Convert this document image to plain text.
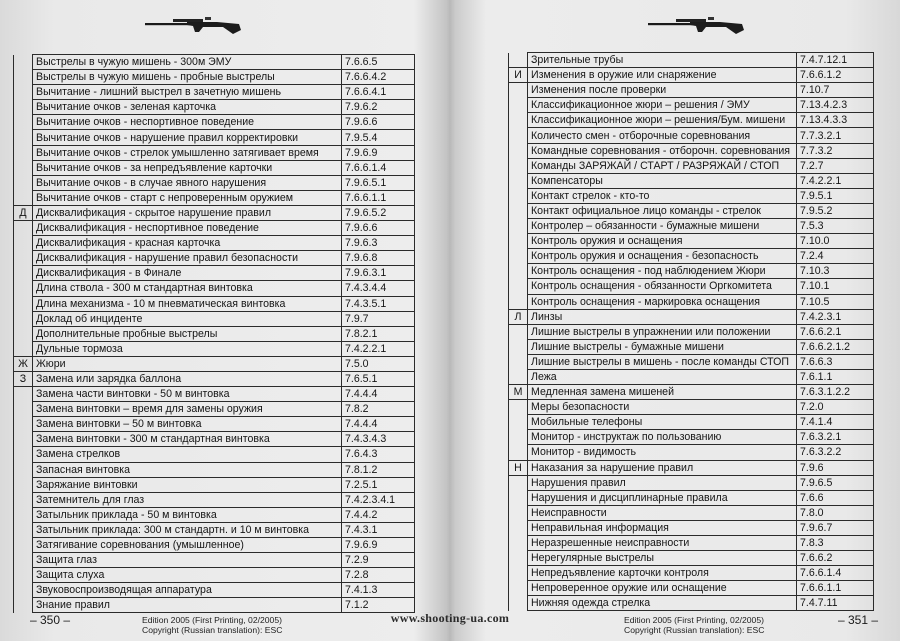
	Выстрелы в чужую мишень - 300м ЭМУ	7.6.6.5
	Выстрелы в чужую мишень - пробные выстрелы	7.6.6.4.2
	Вычитание - лишний выстрел в зачетную мишень	7.6.6.4.1
	Вычитание очков - зеленая карточка	7.9.6.2
	Вычитание очков - неспортивное поведение	7.9.6.6
	Вычитание очков - нарушение правил корректировки	7.9.5.4
	Вычитание очков - стрелок умышленно затягивает время	7.9.6.9
	Вычитание очков - за непредъявление карточки	7.6.6.1.4
	Вычитание очков - в случае явного нарушения	7.9.6.5.1
	Вычитание очков - старт с непроверенным оружием	7.6.6.1.1
Д	Дисквалификация - скрытое нарушение правил	7.9.6.5.2
	Дисквалификация - неспортивное поведение	7.9.6.6
	Дисквалификация - красная карточка	7.9.6.3
	Дисквалификация - нарушение правил безопасности	7.9.6.8
	Дисквалификация - в Финале	7.9.6.3.1
	Длина ствола - 300 м стандартная винтовка	7.4.3.4.4
	Длина механизма - 10 м пневматическая винтовка	7.4.3.5.1
	Доклад об инциденте	7.9.7
	Дополнительные пробные выстрелы	7.8.2.1
	Дульные тормоза	7.4.2.2.1
Ж	Жюри	7.5.0
З	Замена или зарядка баллона	7.6.5.1
	Замена части винтовки - 50 м винтовка	7.4.4.4
	Замена винтовки – время для замены оружия	7.8.2
	Замена винтовки – 50 м винтовка	7.4.4.4
	Замена винтовки - 300 м стандартная винтовка	7.4.3.4.3
	Замена стрелков	7.6.4.3
	Запасная винтовка	7.8.1.2
	Заряжание винтовки	7.2.5.1
	Затемнитель для глаз	7.4.2.3.4.1
	Затыльник приклада - 50 м винтовка	7.4.4.2
	Затыльник приклада: 300 м стандартн. и 10 м винтовка	7.4.3.1
	Затягивание соревнования (умышленное)	7.9.6.9
	Защита глаз	7.2.9
	Защита слуха	7.2.8
	Звуковоспроизводящая аппаратура	7.4.1.3
	Знание правил	7.1.2
– 350 –	Edition 2005 (First Printing, 02/2005)
Copyright (Russian translation): ESC
	Зрительные трубы	7.4.7.12.1
И	Изменения в оружие или снаряжение	7.6.6.1.2
	Изменения после проверки	7.10.7
	Классификационное жюри – решения / ЭМУ	7.13.4.2.3
	Классификационное жюри – решения/Бум. мишени	7.13.4.3.3
	Количесто смен - отборочные соревнования	7.7.3.2.1
	Командные соревнования - отборочн. соревнования	7.7.3.2
	Команды ЗАРЯЖАЙ / СТАРТ / РАЗРЯЖАЙ / СТОП	7.2.7
	Компенсаторы	7.4.2.2.1
	Контакт стрелок - кто-то	7.9.5.1
	Контакт официальное лицо команды - стрелок	7.9.5.2
	Контролер – обязанности - бумажные мишени	7.5.3
	Контроль оружия и оснащения	7.10.0
	Контроль оружия и оснащения - безопасность	7.2.4
	Контроль оснащения - под наблюдением Жюри	7.10.3
	Контроль оснащения - обязанности Оргкомитета	7.10.1
	Контроль оснащения - маркировка оснащения	7.10.5
Л	Линзы	7.4.2.3.1
	Лишние выстрелы в упражнении или положении	7.6.6.2.1
	Лишние выстрелы - бумажные мишени	7.6.6.2.1.2
	Лишние выстрелы в мишень - после команды СТОП	7.6.6.3
	Лежа	7.6.1.1
М	Медленная замена мишеней	7.6.3.1.2.2
	Меры безопасности	7.2.0
	Мобильные телефоны	7.4.1.4
	Монитор - инструктаж по пользованию	7.6.3.2.1
	Монитор - видимость	7.6.3.2.2
Н	Наказания за нарушение правил	7.9.6
	Нарушения правил	7.9.6.5
	Нарушения и дисциплинарные правила	7.6.6
	Неисправности	7.8.0
	Неправильная информация	7.9.6.7
	Неразрешенные неисправности	7.8.3
	Нерегулярные выстрелы	7.6.6.2
	Непредъявление карточки контроля	7.6.6.1.4
	Непроверенное оружие или оснащение	7.6.6.1.1
	Нижняя одежда стрелка	7.4.7.11
– 351 –
Edition 2005 (First Printing, 02/2005)
Copyright (Russian translation): ESC
www.shooting-ua.com
